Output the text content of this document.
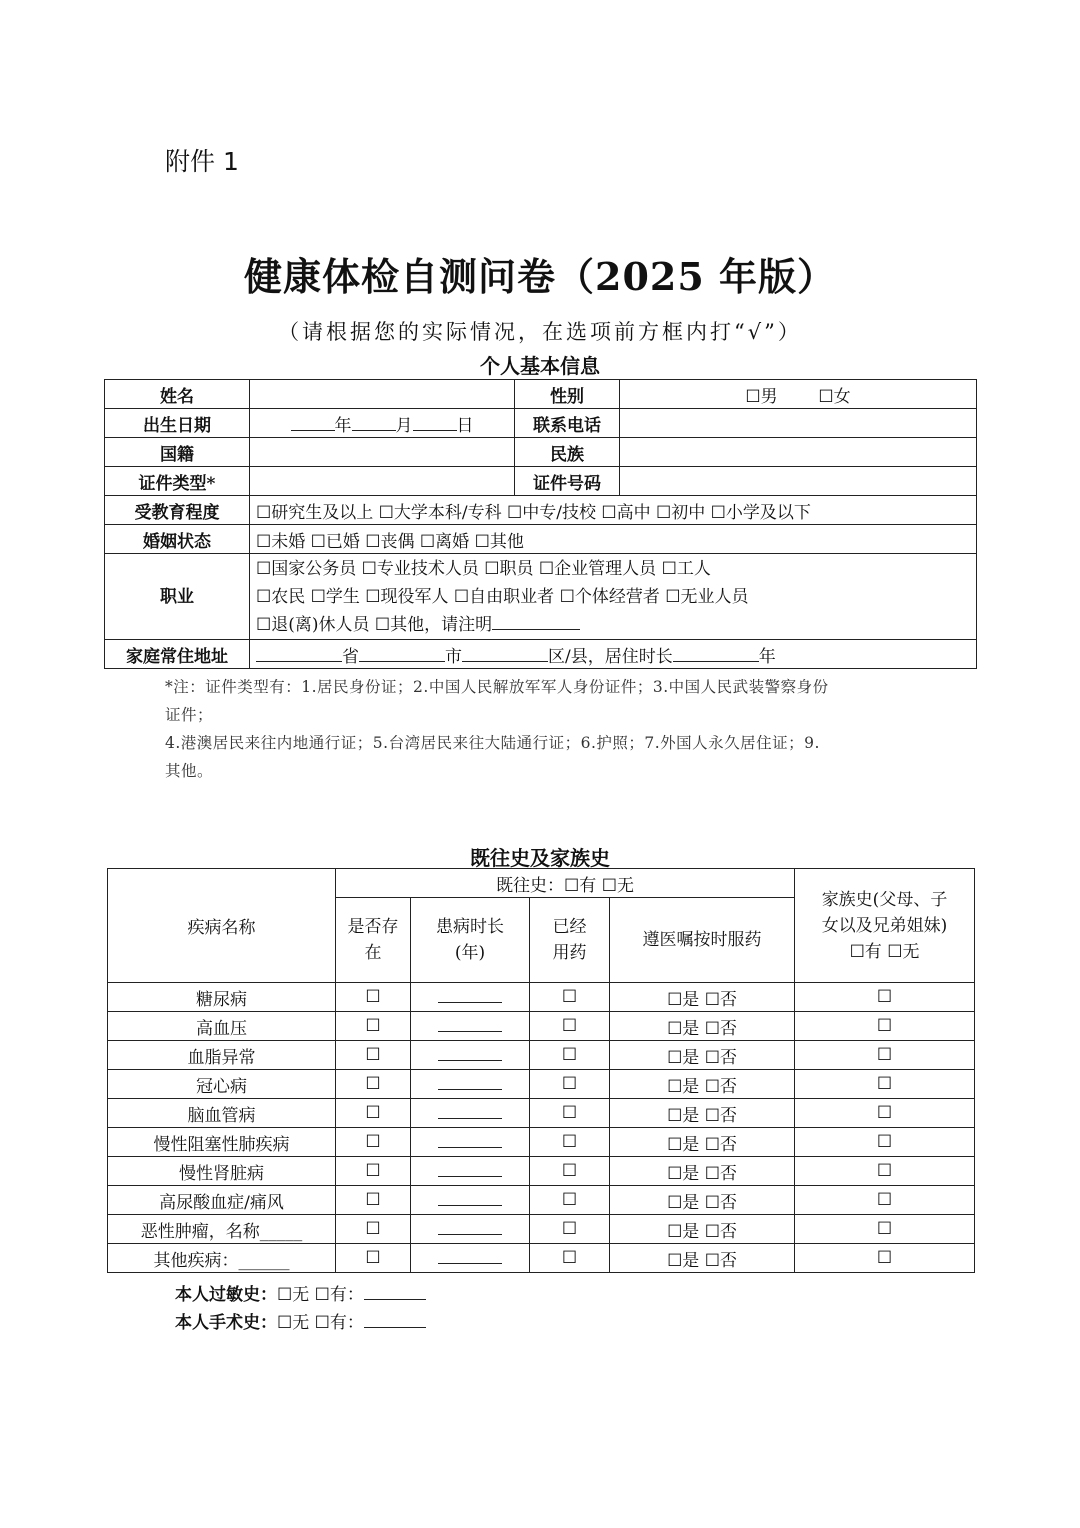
附件 1
健康体检自测问卷（2025 年版）
（请根据您的实际情况，在选项前方框内打“√”）
个人基本信息
姓名		性别	☐男 ☐女
出生日期	年 月 日	联系电话	
国籍		民族	
证件类型*		证件号码	
受教育程度	☐研究生及以上 ☐大学本科/专科 ☐中专/技校 ☐高中 ☐初中 ☐小学及以下		
婚姻状态	☐未婚 ☐已婚 ☐丧偶 ☐离婚 ☐其他		
职业	☐国家公务员 ☐专业技术人员 ☐职员 ☐企业管理人员 ☐工人
☐农民 ☐学生 ☐现役军人 ☐自由职业者 ☐个体经营者 ☐无业人员
☐退(离)休人员 ☐其他，请注明		

家庭常住地址	省 市 区/县，居住时长 年		
*注：证件类型有：1.居民身份证；2.中国人民解放军军人身份证件；3.中国人民武装警察身份
证件；
4.港澳居民来往内地通行证；5.台湾居民来往大陆通行证；6.护照；7.外国人永久居住证；9.
其他。
既往史及家族史
疾病名称	既往史：☐有 ☐无				家族史(父母、子女以及兄弟姐妹)
☐有 ☐无

	是否存在	患病时长(年)	已经用药	遵医嘱按时服药	
糖尿病	☐		☐	☐是 ☐否	☐
高血压	☐		☐	☐是 ☐否	☐
血脂异常	☐		☐	☐是 ☐否	☐
冠心病	☐		☐	☐是 ☐否	☐
脑血管病	☐		☐	☐是 ☐否	☐
慢性阻塞性肺疾病	☐		☐	☐是 ☐否	☐
慢性肾脏病	☐		☐	☐是 ☐否	☐
高尿酸血症/痛风	☐		☐	☐是 ☐否	☐
恶性肿瘤，名称_____	☐		☐	☐是 ☐否	☐
其他疾病：______	☐		☐	☐是 ☐否	☐
本人过敏史：☐无 ☐有：
本人手术史：☐无 ☐有：
